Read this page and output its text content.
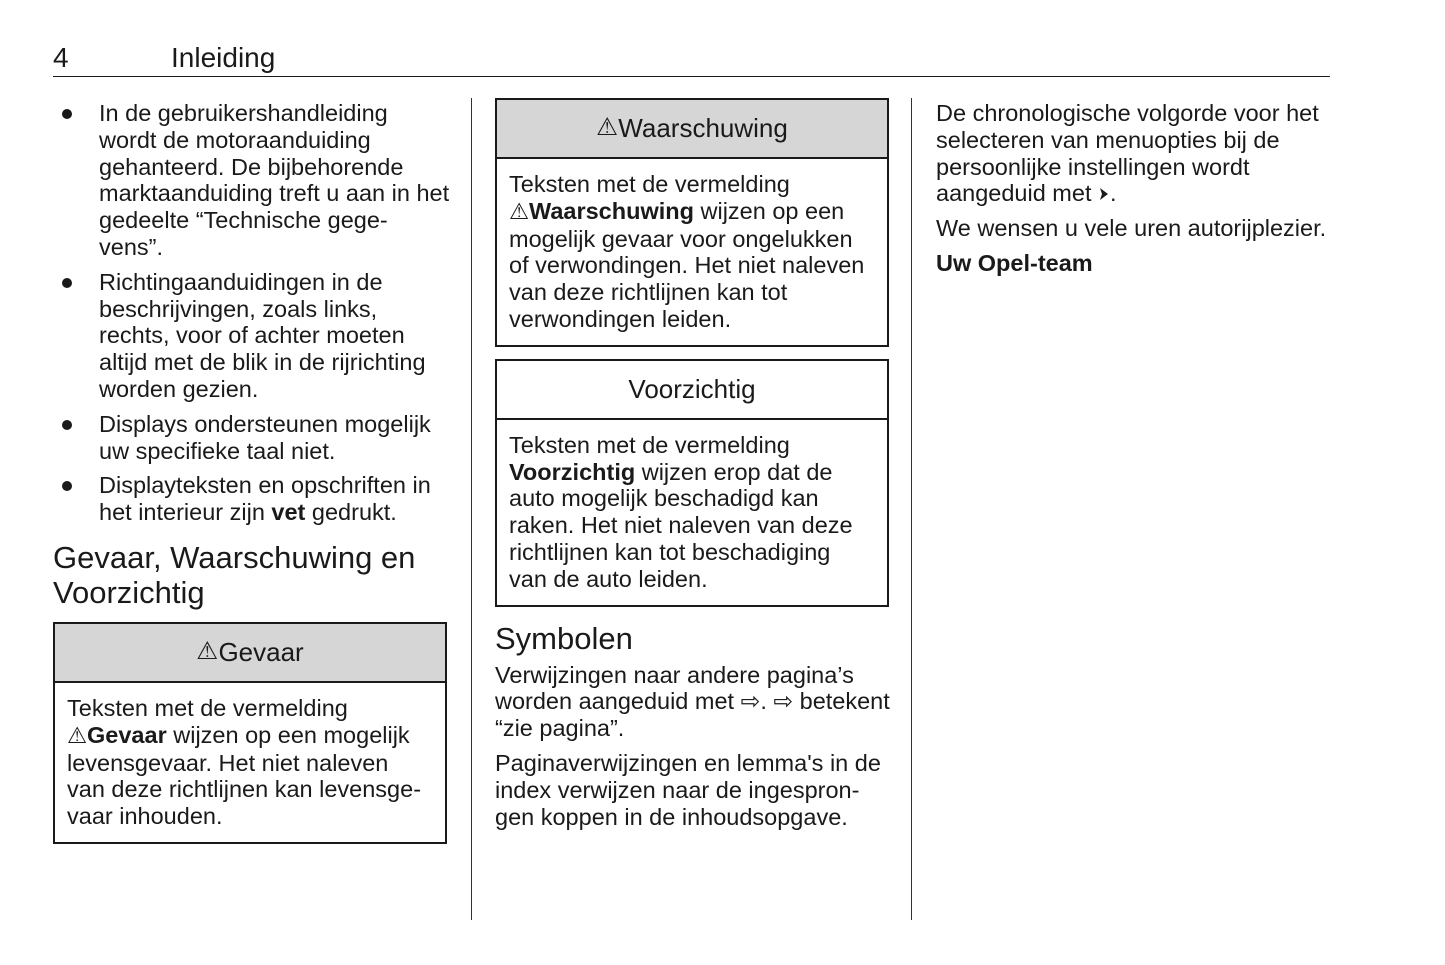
4	Inleiding
In de gebruikershandleiding
wordt de motoraanduiding
gehanteerd. De bijbehorende
marktaanduiding treft u aan in het
gedeelte “Technische gege-
vens”.
Richtingaanduidingen in de
beschrijvingen, zoals links,
rechts, voor of achter moeten
altijd met de blik in de rijrichting
worden gezien.
Displays ondersteunen mogelijk
uw specifieke taal niet.
Displayteksten en opschriften in
het interieur zijn vet gedrukt.
Gevaar, Waarschuwing en
Voorzichtig
⚠ Gevaar
Teksten met de vermelding
⚠Gevaar wijzen op een mogelijk
levensgevaar. Het niet naleven
van deze richtlijnen kan levensge-
vaar inhouden.
⚠ Waarschuwing
Teksten met de vermelding
⚠Waarschuwing wijzen op een
mogelijk gevaar voor ongelukken
of verwondingen. Het niet naleven
van deze richtlijnen kan tot
verwondingen leiden.
Voorzichtig
Teksten met de vermelding
Voorzichtig wijzen erop dat de
auto mogelijk beschadigd kan
raken. Het niet naleven van deze
richtlijnen kan tot beschadiging
van de auto leiden.
Symbolen

Verwijzingen naar andere pagina’s
worden aangeduid met ⇨. ⇨ betekent
“zie pagina”.

Paginaverwijzingen en lemma's in de
index verwijzen naar de ingespron-
gen koppen in de inhoudsopgave.

De chronologische volgorde voor het
selecteren van menuopties bij de
persoonlijke instellingen wordt
aangeduid met .

We wensen u vele uren autorijplezier.

Uw Opel-team
